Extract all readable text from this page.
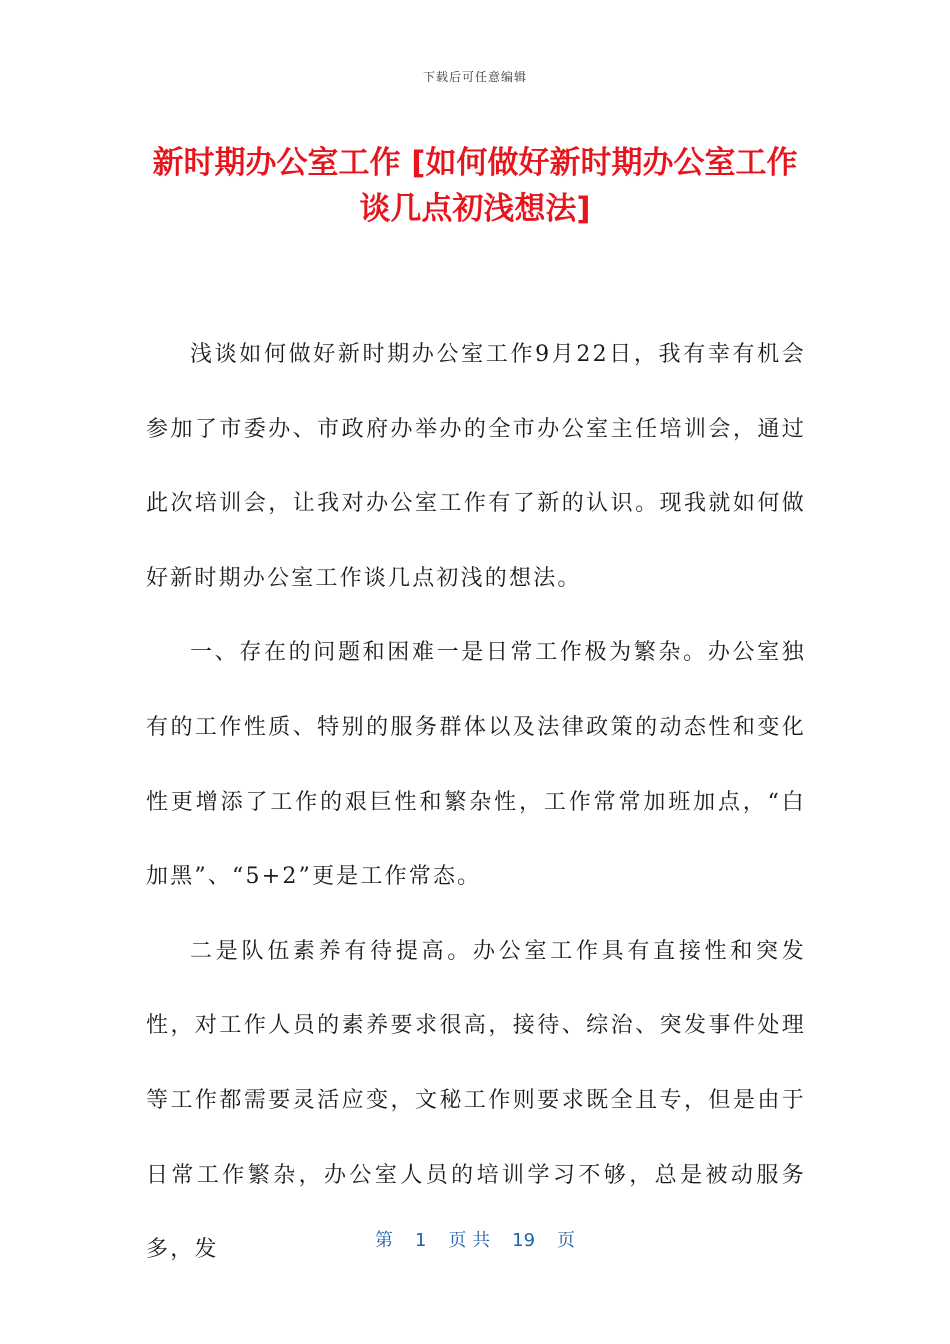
下载后可任意编辑
新时期办公室工作 [如何做好新时期办公室工作谈几点初浅想法]

浅谈如何做好新时期办公室工作9月22日，我有幸有机会参加了市委办、市政府办举办的全市办公室主任培训会，通过此次培训会，让我对办公室工作有了新的认识。现我就如何做好新时期办公室工作谈几点初浅的想法。

一、存在的问题和困难一是日常工作极为繁杂。办公室独有的工作性质、特别的服务群体以及法律政策的动态性和变化性更增添了工作的艰巨性和繁杂性，工作常常加班加点，“白加黑”、“5+2”更是工作常态。

二是队伍素养有待提高。办公室工作具有直接性和突发性，对工作人员的素养要求很高，接待、综治、突发事件处理等工作都需要灵活应变，文秘工作则要求既全且专，但是由于日常工作繁杂，办公室人员的培训学习不够，总是被动服务多，发	第 1 页 共 19 页
